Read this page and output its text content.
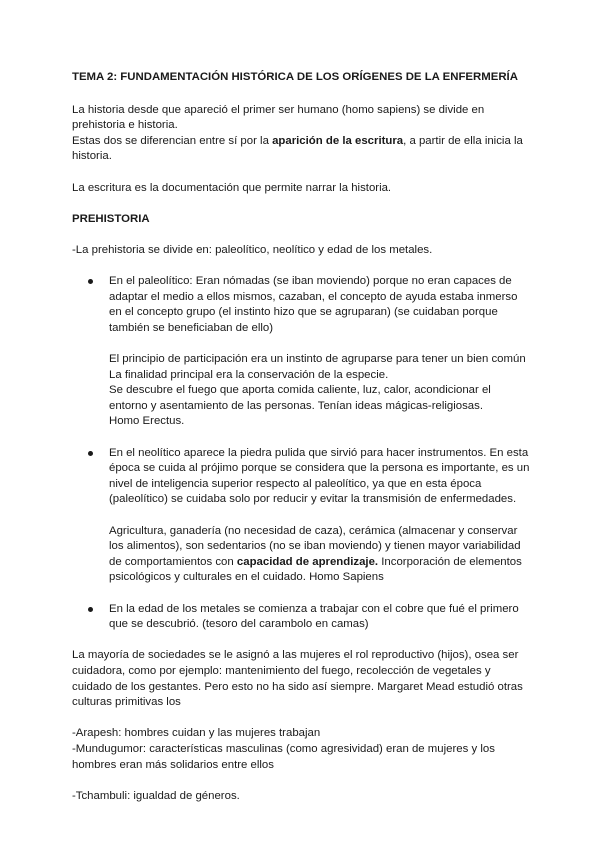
TEMA 2: FUNDAMENTACIÓN HISTÓRICA DE LOS ORÍGENES DE LA ENFERMERÍA

La historia desde que apareció el primer ser humano (homo sapiens) se divide en prehistoria e historia.

Estas dos se diferencian entre sí por la aparición de la escritura, a partir de ella inicia la historia.

La escritura es la documentación que permite narrar la historia.

PREHISTORIA

-La prehistoria se divide en: paleolítico, neolítico y edad de los metales.

En el paleolítico: Eran nómadas (se iban moviendo) porque no eran capaces de adaptar el medio a ellos mismos, cazaban, el concepto de ayuda estaba inmerso en el concepto grupo (el instinto hizo que se agruparan) (se cuidaban porque también se beneficiaban de ello)

El principio de participación era un instinto de agruparse para tener un bien común

La finalidad principal era la conservación de la especie.

Se descubre el fuego que aporta comida caliente, luz, calor, acondicionar el entorno y asentamiento de las personas. Tenían ideas mágicas-religiosas.

Homo Erectus.

En el neolítico aparece la piedra pulida que sirvió para hacer instrumentos. En esta época se cuida al prójimo porque se considera que la persona es importante, es un nivel de inteligencia superior respecto al paleolítico, ya que en esta época (paleolítico) se cuidaba solo por reducir y evitar la transmisión de enfermedades.

Agricultura, ganadería (no necesidad de caza), cerámica (almacenar y conservar los alimentos), son sedentarios (no se iban moviendo) y tienen mayor variabilidad de comportamientos con capacidad de aprendizaje. Incorporación de elementos psicológicos y culturales en el cuidado. Homo Sapiens

En la edad de los metales se comienza a trabajar con el cobre que fué el primero que se descubrió. (tesoro del carambolo en camas)

La mayoría de sociedades se le asignó a las mujeres el rol reproductivo (hijos), osea ser cuidadora, como por ejemplo: mantenimiento del fuego, recolección de vegetales y cuidado de los gestantes. Pero esto no ha sido así siempre. Margaret Mead estudió otras culturas primitivas los

-Arapesh: hombres cuidan y las mujeres trabajan

-Mundugumor: características masculinas (como agresividad) eran de mujeres y los hombres eran más solidarios entre ellos

-Tchambuli: igualdad de géneros.
